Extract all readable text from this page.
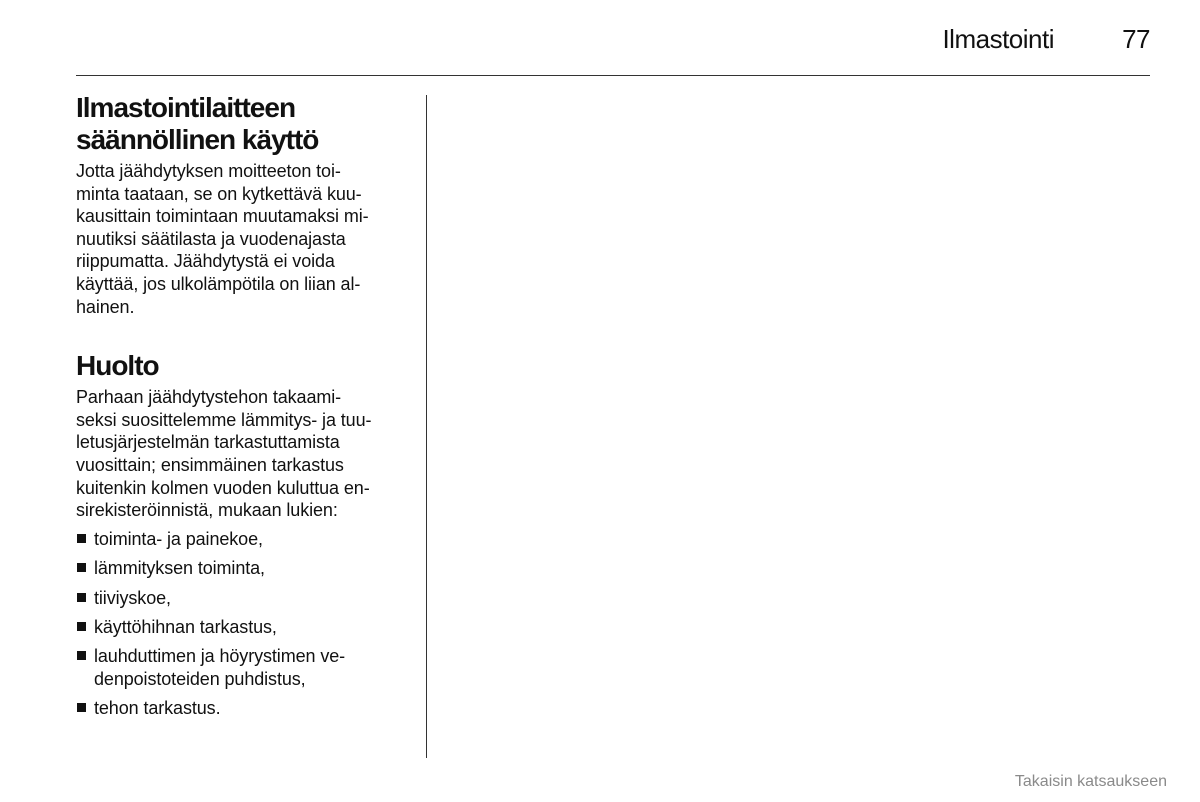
Ilmastointi	77
Ilmastointilaitteen
säännöllinen käyttö

Jotta jäähdytyksen moitteeton toi-
minta taataan, se on kytkettävä kuu-
kausittain toimintaan muutamaksi mi-
nuutiksi säätilasta ja vuodenajasta
riippumatta. Jäähdytystä ei voida
käyttää, jos ulkolämpötila on liian al-
hainen.

Huolto

Parhaan jäähdytystehon takaami-
seksi suosittelemme lämmitys- ja tuu-
letusjärjestelmän tarkastuttamista
vuosittain; ensimmäinen tarkastus
kuitenkin kolmen vuoden kuluttua en-
sirekisteröinnistä, mukaan lukien:

toiminta- ja painekoe,
lämmityksen toiminta,
tiiviyskoe,
käyttöhihnan tarkastus,
lauhduttimen ja höyrystimen ve-
denpoistoteiden puhdistus,
tehon tarkastus.
Takaisin katsaukseen
